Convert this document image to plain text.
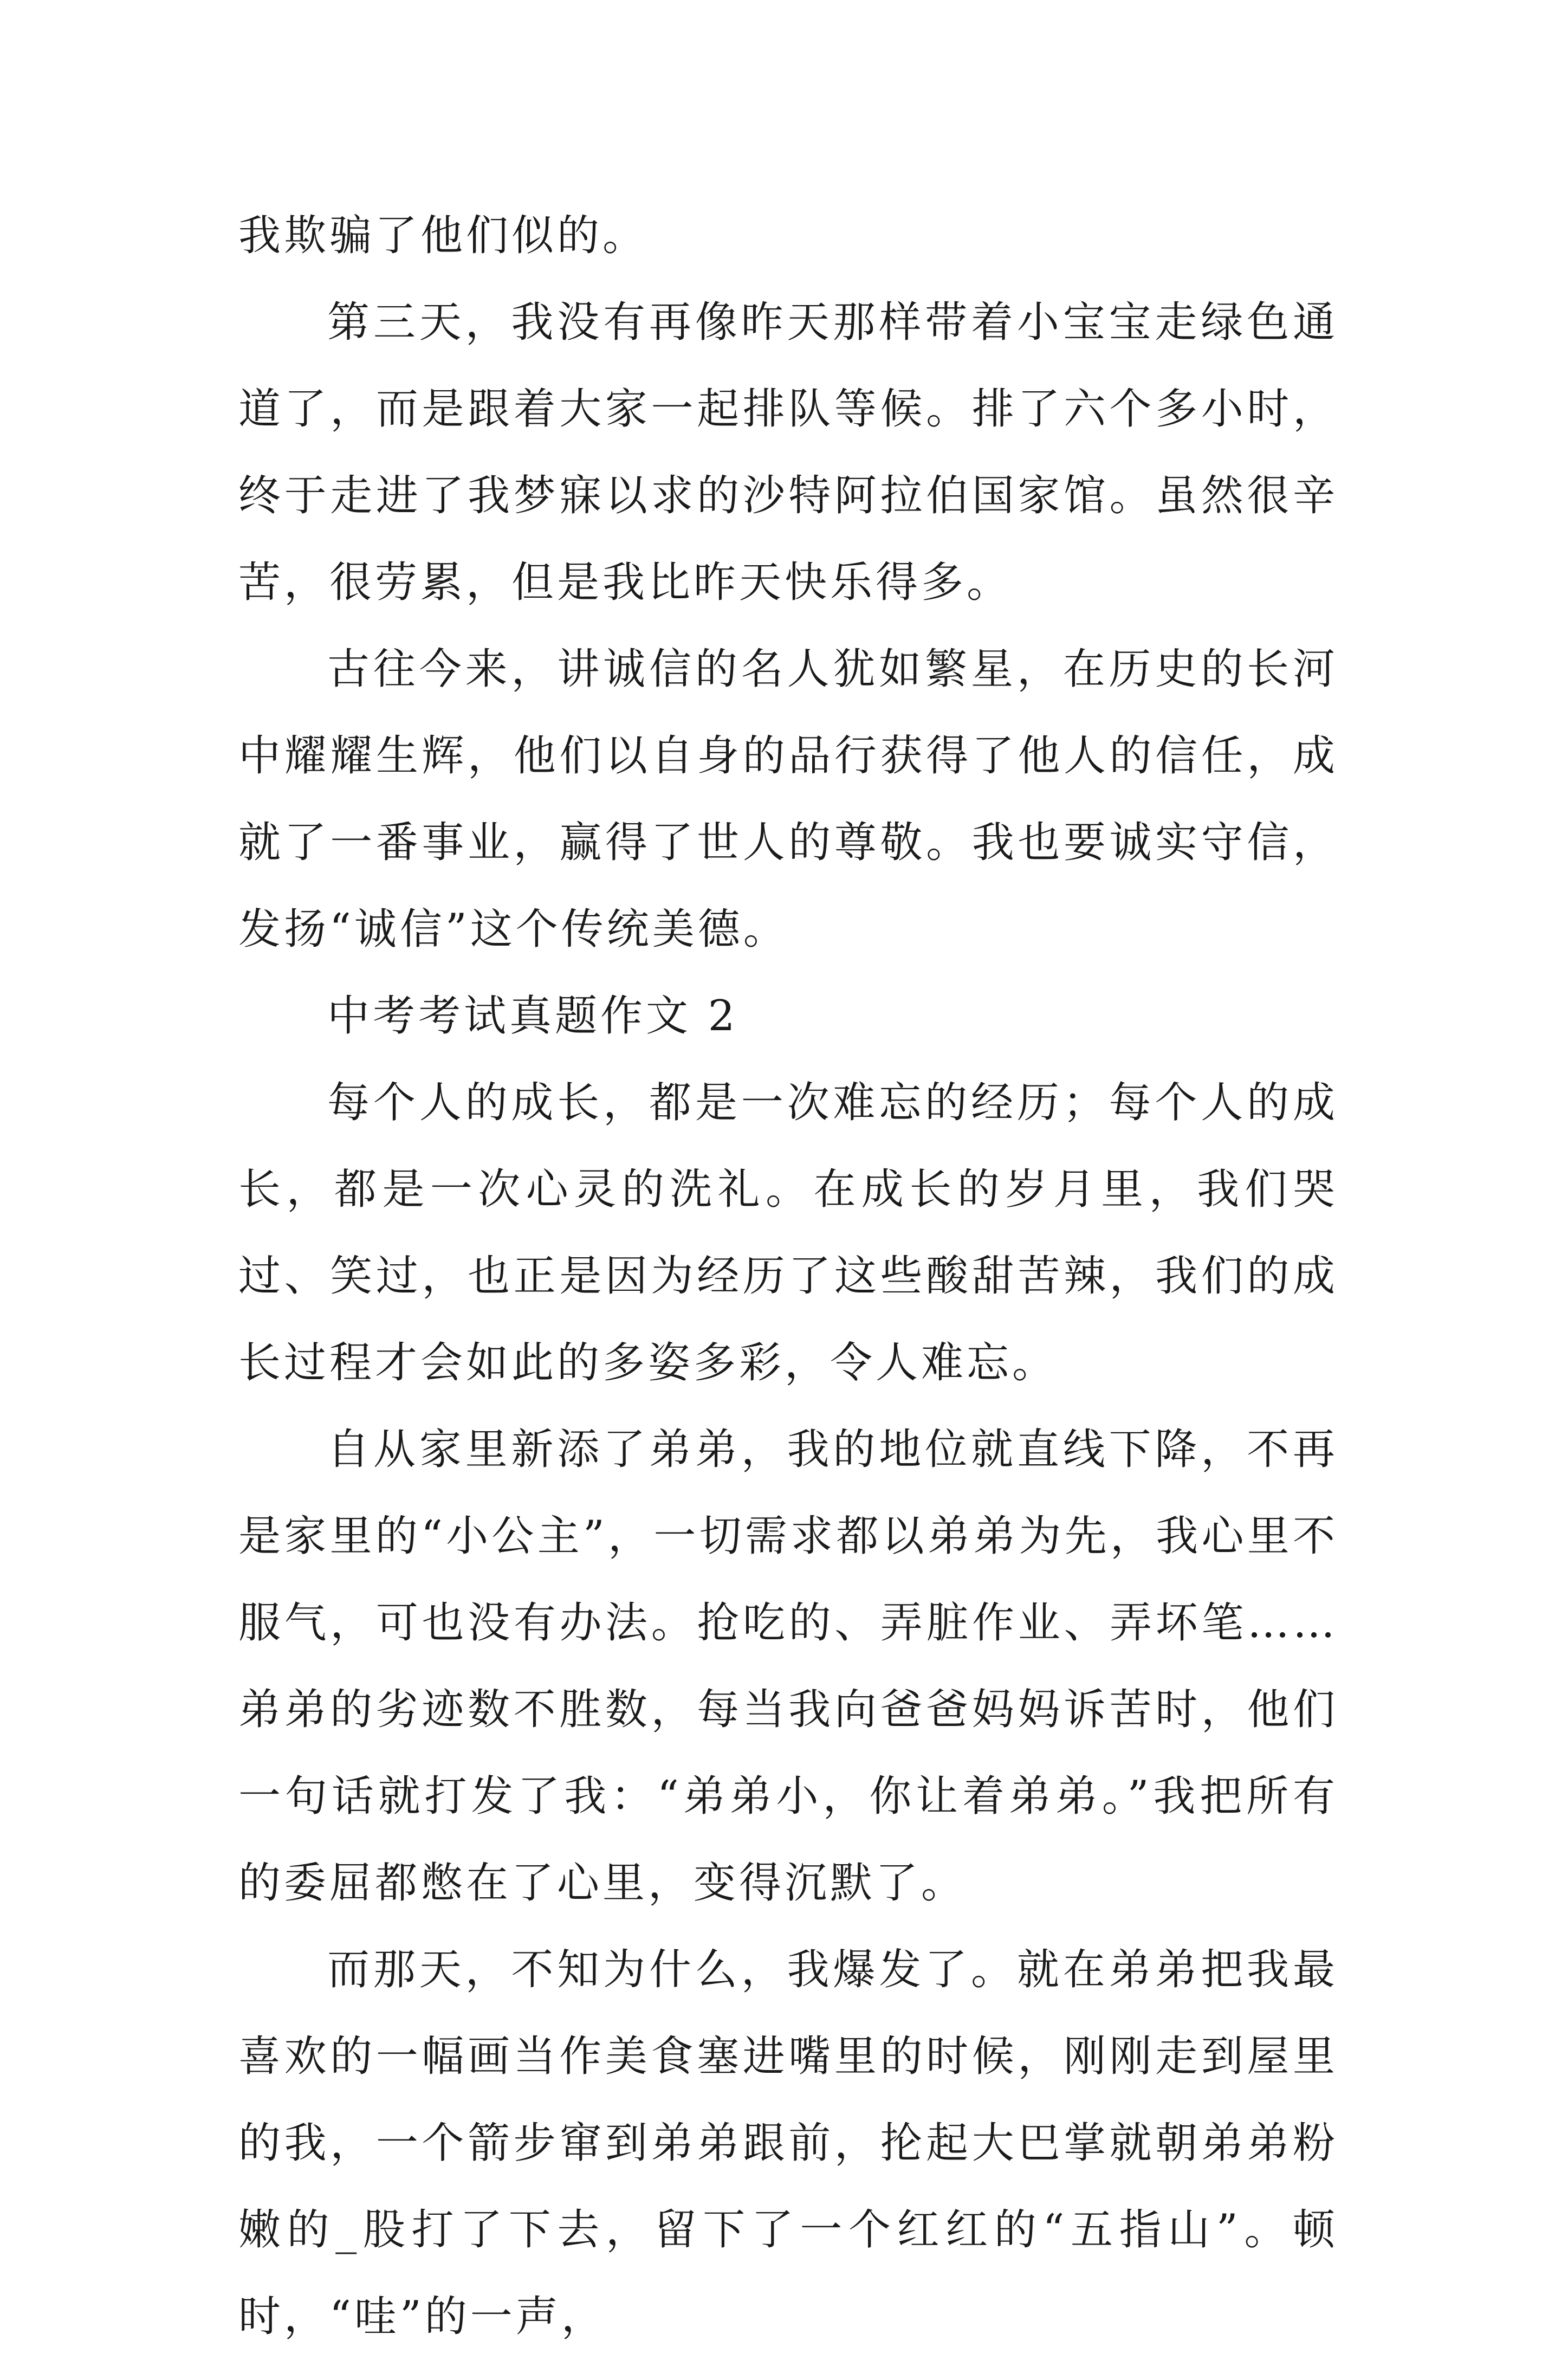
我欺骗了他们似的。

第三天，我没有再像昨天那样带着小宝宝走绿色通道了，而是跟着大家一起排队等候。排了六个多小时，终于走进了我梦寐以求的沙特阿拉伯国家馆。虽然很辛苦，很劳累，但是我比昨天快乐得多。

古往今来，讲诚信的名人犹如繁星，在历史的长河中耀耀生辉，他们以自身的品行获得了他人的信任，成就了一番事业，赢得了世人的尊敬。我也要诚实守信，发扬“诚信”这个传统美德。

中考考试真题作文 2

每个人的成长，都是一次难忘的经历；每个人的成长，都是一次心灵的洗礼。在成长的岁月里，我们哭过、笑过，也正是因为经历了这些酸甜苦辣，我们的成长过程才会如此的多姿多彩，令人难忘。

自从家里新添了弟弟，我的地位就直线下降，不再是家里的“小公主”，一切需求都以弟弟为先，我心里不服气，可也没有办法。抢吃的、弄脏作业、弄坏笔……弟弟的劣迹数不胜数，每当我向爸爸妈妈诉苦时，他们一句话就打发了我：“弟弟小，你让着弟弟。”我把所有的委屈都憋在了心里，变得沉默了。

而那天，不知为什么，我爆发了。就在弟弟把我最喜欢的一幅画当作美食塞进嘴里的时候，刚刚走到屋里的我，一个箭步窜到弟弟跟前，抡起大巴掌就朝弟弟粉嫩的_股打了下去，留下了一个红红的“五指山”。顿时，“哇”的一声，
